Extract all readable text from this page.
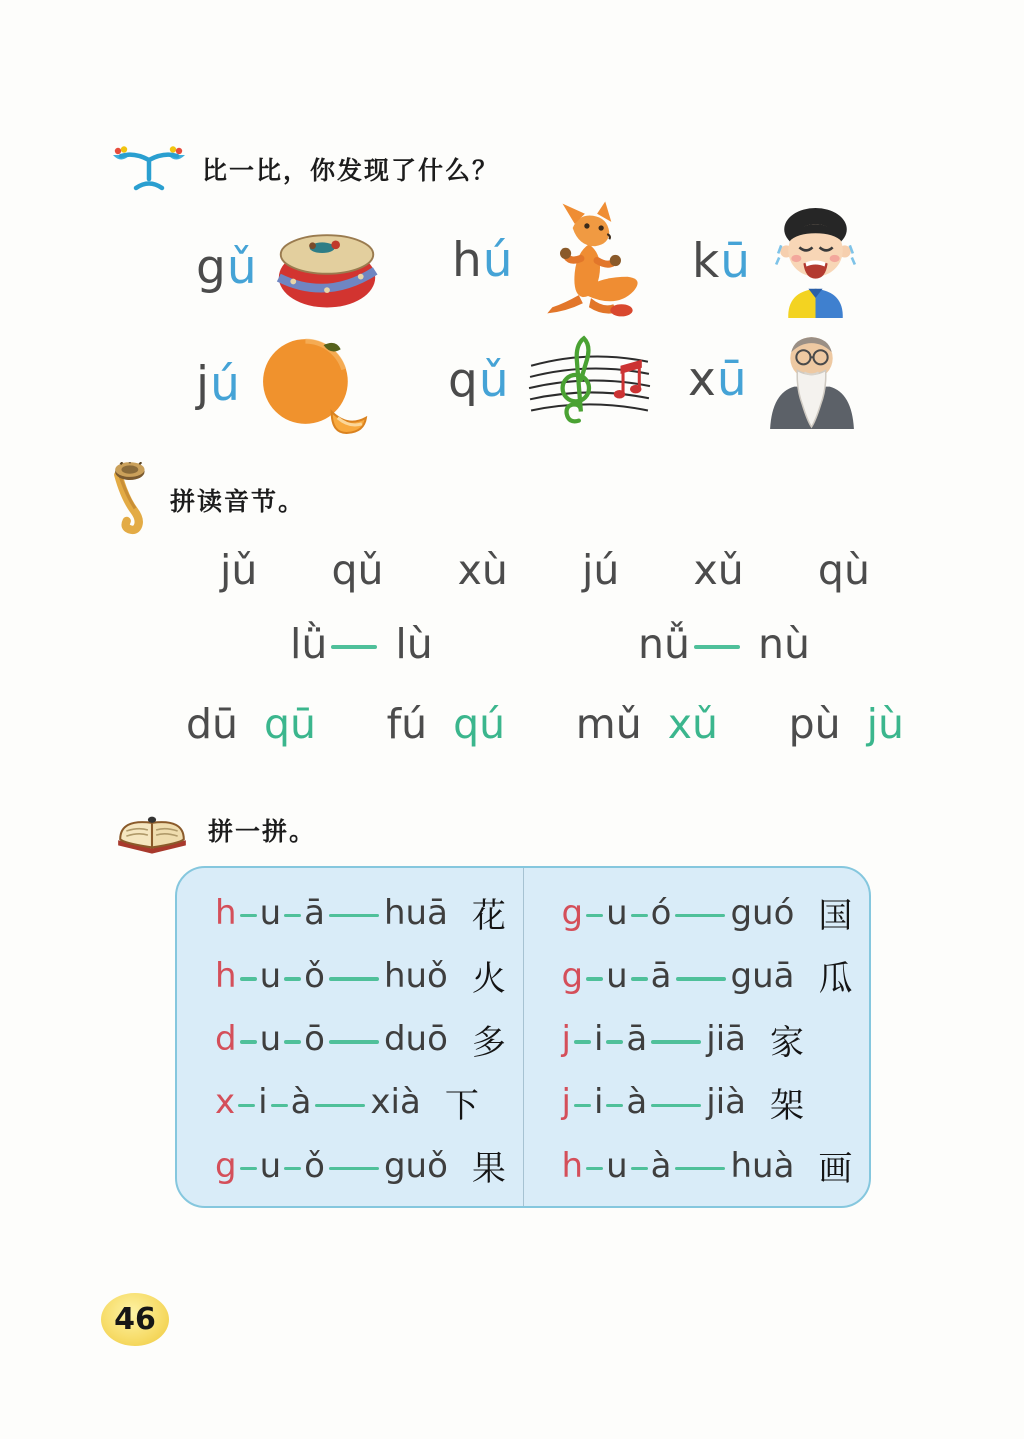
比一比，你发现了什么？
gǔ	hú	kū
jú	qǔ	xū
拼读音节。
jǔ qǔ xù jú xǔ qù
lǜ lù	nǚ nù
dū qū fú qú mǔ xǔ pù jù
拼一拼。
h u ā huā 花
h u ǒ huǒ 火
d u ō duō 多
x i à xià 下
g u ǒ guǒ 果
g u ó guó 国
g u ā guā 瓜
j i ā jiā 家
j i à jià 架
h u à huà 画
46
